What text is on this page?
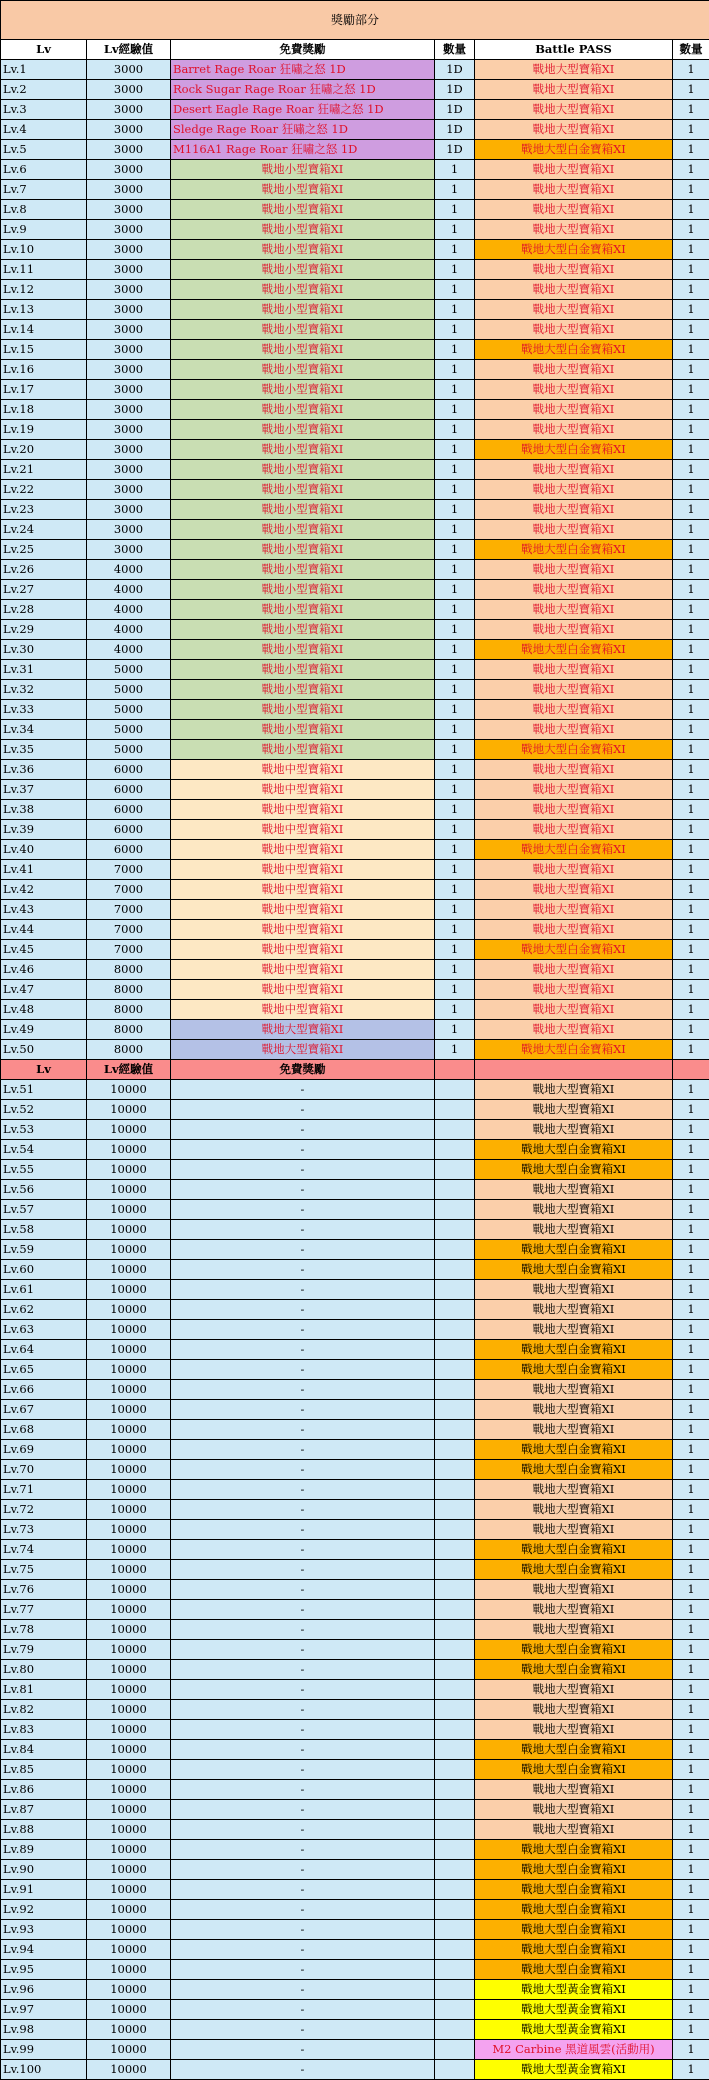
獎勵部分					
Lv	Lv經驗值	免費獎勵	數量	Battle PASS	數量
Lv.1	3000	Barret Rage Roar 狂嘯之怒 1D	1D	戰地大型寶箱XI	1
Lv.2	3000	Rock Sugar Rage Roar 狂嘯之怒 1D	1D	戰地大型寶箱XI	1
Lv.3	3000	Desert Eagle Rage Roar 狂嘯之怒 1D	1D	戰地大型寶箱XI	1
Lv.4	3000	Sledge Rage Roar 狂嘯之怒 1D	1D	戰地大型寶箱XI	1
Lv.5	3000	M116A1 Rage Roar 狂嘯之怒 1D	1D	戰地大型白金寶箱XI	1
Lv.6	3000	戰地小型寶箱XI	1	戰地大型寶箱XI	1
Lv.7	3000	戰地小型寶箱XI	1	戰地大型寶箱XI	1
Lv.8	3000	戰地小型寶箱XI	1	戰地大型寶箱XI	1
Lv.9	3000	戰地小型寶箱XI	1	戰地大型寶箱XI	1
Lv.10	3000	戰地小型寶箱XI	1	戰地大型白金寶箱XI	1
Lv.11	3000	戰地小型寶箱XI	1	戰地大型寶箱XI	1
Lv.12	3000	戰地小型寶箱XI	1	戰地大型寶箱XI	1
Lv.13	3000	戰地小型寶箱XI	1	戰地大型寶箱XI	1
Lv.14	3000	戰地小型寶箱XI	1	戰地大型寶箱XI	1
Lv.15	3000	戰地小型寶箱XI	1	戰地大型白金寶箱XI	1
Lv.16	3000	戰地小型寶箱XI	1	戰地大型寶箱XI	1
Lv.17	3000	戰地小型寶箱XI	1	戰地大型寶箱XI	1
Lv.18	3000	戰地小型寶箱XI	1	戰地大型寶箱XI	1
Lv.19	3000	戰地小型寶箱XI	1	戰地大型寶箱XI	1
Lv.20	3000	戰地小型寶箱XI	1	戰地大型白金寶箱XI	1
Lv.21	3000	戰地小型寶箱XI	1	戰地大型寶箱XI	1
Lv.22	3000	戰地小型寶箱XI	1	戰地大型寶箱XI	1
Lv.23	3000	戰地小型寶箱XI	1	戰地大型寶箱XI	1
Lv.24	3000	戰地小型寶箱XI	1	戰地大型寶箱XI	1
Lv.25	3000	戰地小型寶箱XI	1	戰地大型白金寶箱XI	1
Lv.26	4000	戰地小型寶箱XI	1	戰地大型寶箱XI	1
Lv.27	4000	戰地小型寶箱XI	1	戰地大型寶箱XI	1
Lv.28	4000	戰地小型寶箱XI	1	戰地大型寶箱XI	1
Lv.29	4000	戰地小型寶箱XI	1	戰地大型寶箱XI	1
Lv.30	4000	戰地小型寶箱XI	1	戰地大型白金寶箱XI	1
Lv.31	5000	戰地小型寶箱XI	1	戰地大型寶箱XI	1
Lv.32	5000	戰地小型寶箱XI	1	戰地大型寶箱XI	1
Lv.33	5000	戰地小型寶箱XI	1	戰地大型寶箱XI	1
Lv.34	5000	戰地小型寶箱XI	1	戰地大型寶箱XI	1
Lv.35	5000	戰地小型寶箱XI	1	戰地大型白金寶箱XI	1
Lv.36	6000	戰地中型寶箱XI	1	戰地大型寶箱XI	1
Lv.37	6000	戰地中型寶箱XI	1	戰地大型寶箱XI	1
Lv.38	6000	戰地中型寶箱XI	1	戰地大型寶箱XI	1
Lv.39	6000	戰地中型寶箱XI	1	戰地大型寶箱XI	1
Lv.40	6000	戰地中型寶箱XI	1	戰地大型白金寶箱XI	1
Lv.41	7000	戰地中型寶箱XI	1	戰地大型寶箱XI	1
Lv.42	7000	戰地中型寶箱XI	1	戰地大型寶箱XI	1
Lv.43	7000	戰地中型寶箱XI	1	戰地大型寶箱XI	1
Lv.44	7000	戰地中型寶箱XI	1	戰地大型寶箱XI	1
Lv.45	7000	戰地中型寶箱XI	1	戰地大型白金寶箱XI	1
Lv.46	8000	戰地中型寶箱XI	1	戰地大型寶箱XI	1
Lv.47	8000	戰地中型寶箱XI	1	戰地大型寶箱XI	1
Lv.48	8000	戰地中型寶箱XI	1	戰地大型寶箱XI	1
Lv.49	8000	戰地大型寶箱XI	1	戰地大型寶箱XI	1
Lv.50	8000	戰地大型寶箱XI	1	戰地大型白金寶箱XI	1
Lv	Lv經驗值	免費獎勵			
Lv.51	10000	-		戰地大型寶箱XI	1
Lv.52	10000	-		戰地大型寶箱XI	1
Lv.53	10000	-		戰地大型寶箱XI	1
Lv.54	10000	-		戰地大型白金寶箱XI	1
Lv.55	10000	-		戰地大型白金寶箱XI	1
Lv.56	10000	-		戰地大型寶箱XI	1
Lv.57	10000	-		戰地大型寶箱XI	1
Lv.58	10000	-		戰地大型寶箱XI	1
Lv.59	10000	-		戰地大型白金寶箱XI	1
Lv.60	10000	-		戰地大型白金寶箱XI	1
Lv.61	10000	-		戰地大型寶箱XI	1
Lv.62	10000	-		戰地大型寶箱XI	1
Lv.63	10000	-		戰地大型寶箱XI	1
Lv.64	10000	-		戰地大型白金寶箱XI	1
Lv.65	10000	-		戰地大型白金寶箱XI	1
Lv.66	10000	-		戰地大型寶箱XI	1
Lv.67	10000	-		戰地大型寶箱XI	1
Lv.68	10000	-		戰地大型寶箱XI	1
Lv.69	10000	-		戰地大型白金寶箱XI	1
Lv.70	10000	-		戰地大型白金寶箱XI	1
Lv.71	10000	-		戰地大型寶箱XI	1
Lv.72	10000	-		戰地大型寶箱XI	1
Lv.73	10000	-		戰地大型寶箱XI	1
Lv.74	10000	-		戰地大型白金寶箱XI	1
Lv.75	10000	-		戰地大型白金寶箱XI	1
Lv.76	10000	-		戰地大型寶箱XI	1
Lv.77	10000	-		戰地大型寶箱XI	1
Lv.78	10000	-		戰地大型寶箱XI	1
Lv.79	10000	-		戰地大型白金寶箱XI	1
Lv.80	10000	-		戰地大型白金寶箱XI	1
Lv.81	10000	-		戰地大型寶箱XI	1
Lv.82	10000	-		戰地大型寶箱XI	1
Lv.83	10000	-		戰地大型寶箱XI	1
Lv.84	10000	-		戰地大型白金寶箱XI	1
Lv.85	10000	-		戰地大型白金寶箱XI	1
Lv.86	10000	-		戰地大型寶箱XI	1
Lv.87	10000	-		戰地大型寶箱XI	1
Lv.88	10000	-		戰地大型寶箱XI	1
Lv.89	10000	-		戰地大型白金寶箱XI	1
Lv.90	10000	-		戰地大型白金寶箱XI	1
Lv.91	10000	-		戰地大型白金寶箱XI	1
Lv.92	10000	-		戰地大型白金寶箱XI	1
Lv.93	10000	-		戰地大型白金寶箱XI	1
Lv.94	10000	-		戰地大型白金寶箱XI	1
Lv.95	10000	-		戰地大型白金寶箱XI	1
Lv.96	10000	-		戰地大型黃金寶箱XI	1
Lv.97	10000	-		戰地大型黃金寶箱XI	1
Lv.98	10000	-		戰地大型黃金寶箱XI	1
Lv.99	10000	-		M2 Carbine 黑道風雲(活動用)	1
Lv.100	10000	-		戰地大型黃金寶箱XI	1
